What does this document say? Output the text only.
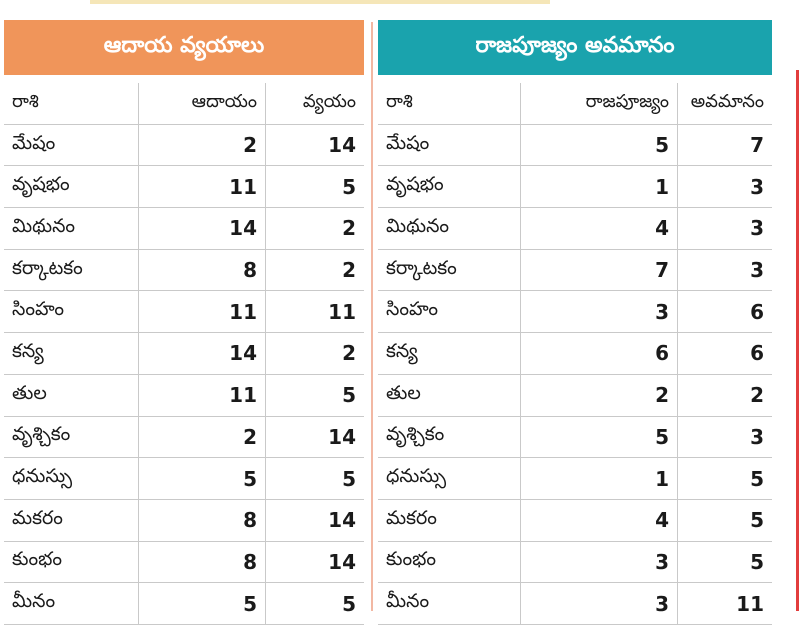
ఆదాయ వ్యయాలు
రాశి	ఆదాయం	వ్యయం
మేషం	2	14
వృషభం	11	5
మిథునం	14	2
కర్కాటకం	8	2
సింహం	11	11
కన్య	14	2
తుల	11	5
వృశ్చికం	2	14
ధనుస్సు	5	5
మకరం	8	14
కుంభం	8	14
మీనం	5	5
రాజపూజ్యం అవమానం
రాశి	రాజపూజ్యం	అవమానం
మేషం	5	7
వృషభం	1	3
మిథునం	4	3
కర్కాటకం	7	3
సింహం	3	6
కన్య	6	6
తుల	2	2
వృశ్చికం	5	3
ధనుస్సు	1	5
మకరం	4	5
కుంభం	3	5
మీనం	3	11
